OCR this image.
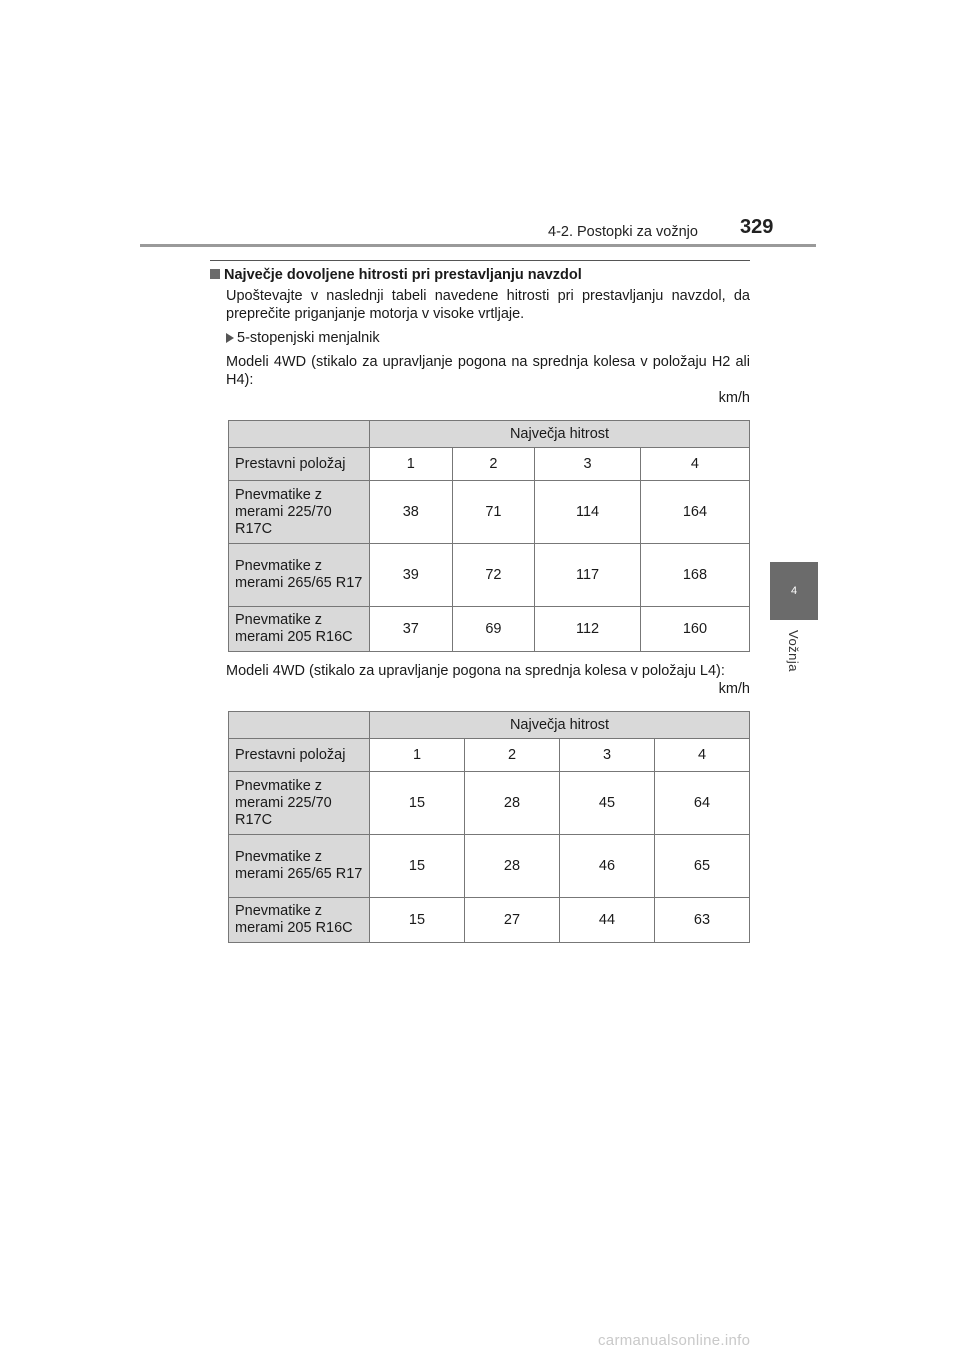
4-2. Postopki za vožnjo 329
4
Vožnja
Največje dovoljene hitrosti pri prestavljanju navzdol
Upoštevajte v naslednji tabeli navedene hitrosti pri prestavljanju navzdol, da preprečite priganjanje motorja v visoke vrtljaje.
5-stopenjski menjalnik
Modeli 4WD (stikalo za upravljanje pogona na sprednja kolesa v položaju H2 ali H4):
km/h
	Največja hitrost			
Prestavni položaj	1	2	3	4
Pnevmatike z merami 225/70 R17C	38	71	114	164
Pnevmatike z merami 265/65 R17	39	72	117	168
Pnevmatike z merami 205 R16C	37	69	112	160
Modeli 4WD (stikalo za upravljanje pogona na sprednja kolesa v položaju L4):
km/h
	Največja hitrost			
Prestavni položaj	1	2	3	4
Pnevmatike z merami 225/70 R17C	15	28	45	64
Pnevmatike z merami 265/65 R17	15	28	46	65
Pnevmatike z merami 205 R16C	15	27	44	63
carmanualsonline.info
